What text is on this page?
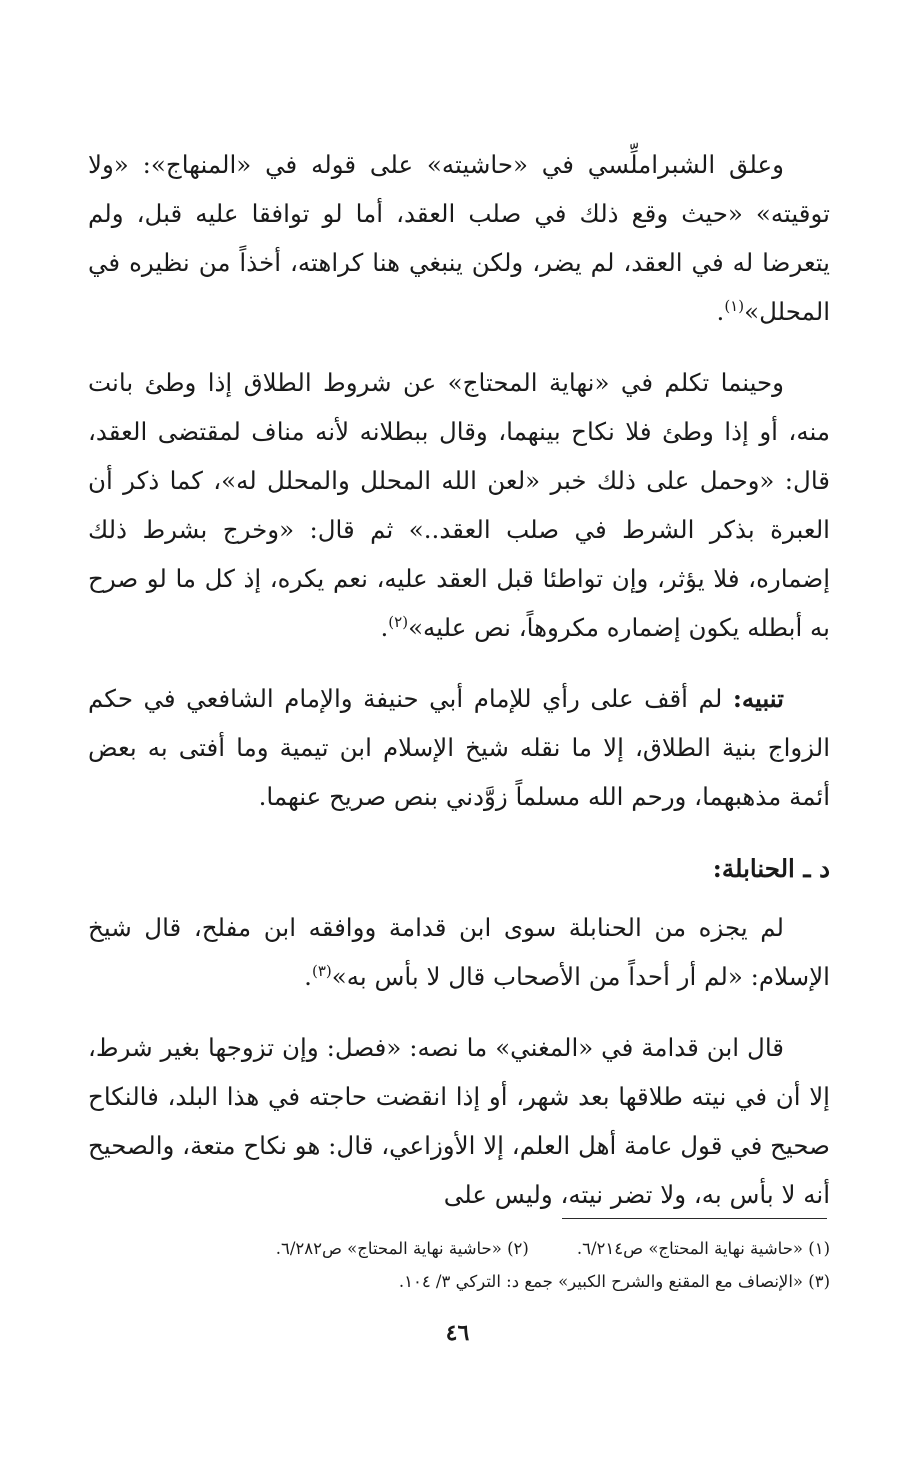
وعلق الشبراملِّسي في «حاشيته» على قوله في «المنهاج»: «ولا توقيته» «حيث وقع ذلك في صلب العقد، أما لو توافقا عليه قبل، ولم يتعرضا له في العقد، لم يضر، ولكن ينبغي هنا كراهته، أخذاً من نظيره في المحلل»$^{(١)}$.

وحينما تكلم في «نهاية المحتاج» عن شروط الطلاق إذا وطئ بانت منه، أو إذا وطئ فلا نكاح بينهما، وقال ببطلانه لأنه مناف لمقتضى العقد، قال: «وحمل على ذلك خبر «لعن الله المحلل والمحلل له»، كما ذكر أن العبرة بذكر الشرط في صلب العقد..» ثم قال: «وخرج بشرط ذلك إضماره، فلا يؤثر، وإن تواطئا قبل العقد عليه، نعم يكره، إذ كل ما لو صرح به أبطله يكون إضماره مكروهاً، نص عليه»$^{(٢)}$.

تنبيه: لم أقف على رأي للإمام أبي حنيفة والإمام الشافعي في حكم الزواج بنية الطلاق، إلا ما نقله شيخ الإسلام ابن تيمية وما أفتى به بعض أئمة مذهبهما، ورحم الله مسلماً زوَّدني بنص صريح عنهما.

د ـ الحنابلة:

لم يجزه من الحنابلة سوى ابن قدامة ووافقه ابن مفلح، قال شيخ الإسلام: «لم أر أحداً من الأصحاب قال لا بأس به»$^{(٣)}$.

قال ابن قدامة في «المغني» ما نصه: «فصل: وإن تزوجها بغير شرط، إلا أن في نيته طلاقها بعد شهر، أو إذا انقضت حاجته في هذا البلد، فالنكاح صحيح في قول عامة أهل العلم، إلا الأوزاعي، قال: هو نكاح متعة، والصحيح أنه لا بأس به، ولا تضر نيته، وليس على

(١) «حاشية نهاية المحتاج» ص٦/٢١٤.
(٢) «حاشية نهاية المحتاج» ص٦/٢٨٢.
(٣) «الإنصاف مع المقنع والشرح الكبير» جمع د: التركي ٣/ ١٠٤.
٤٦
